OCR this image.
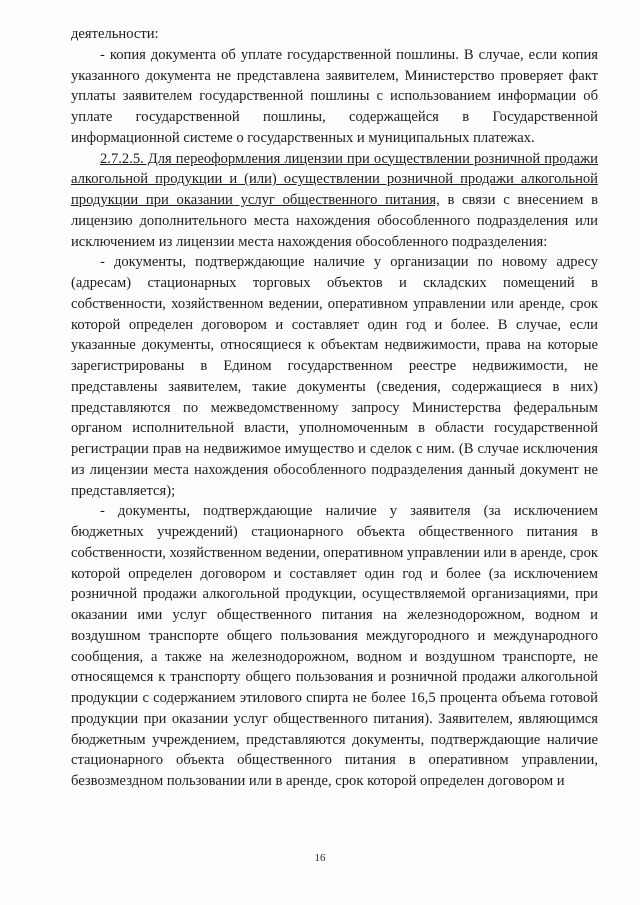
деятельности:

- копия документа об уплате государственной пошлины. В случае, если копия указанного документа не представлена заявителем, Министерство проверяет факт уплаты заявителем государственной пошлины с использованием информации об уплате государственной пошлины, содержащейся в Государственной информационной системе о государственных и муниципальных платежах.

2.7.2.5. Для переоформления лицензии при осуществлении розничной продажи алкогольной продукции и (или) осуществлении розничной продажи алкогольной продукции при оказании услуг общественного питания, в связи с внесением в лицензию дополнительного места нахождения обособленного подразделения или исключением из лицензии места нахождения обособленного подразделения:

- документы, подтверждающие наличие у организации по новому адресу (адресам) стационарных торговых объектов и складских помещений в собственности, хозяйственном ведении, оперативном управлении или аренде, срок которой определен договором и составляет один год и более. В случае, если указанные документы, относящиеся к объектам недвижимости, права на которые зарегистрированы в Едином государственном реестре недвижимости, не представлены заявителем, такие документы (сведения, содержащиеся в них) представляются по межведомственному запросу Министерства федеральным органом исполнительной власти, уполномоченным в области государственной регистрации прав на недвижимое имущество и сделок с ним. (В случае исключения из лицензии места нахождения обособленного подразделения данный документ не представляется);

- документы, подтверждающие наличие у заявителя (за исключением бюджетных учреждений) стационарного объекта общественного питания в собственности, хозяйственном ведении, оперативном управлении или в аренде, срок которой определен договором и составляет один год и более (за исключением розничной продажи алкогольной продукции, осуществляемой организациями, при оказании ими услуг общественного питания на железнодорожном, водном и воздушном транспорте общего пользования междугородного и международного сообщения, а также на железнодорожном, водном и воздушном транспорте, не относящемся к транспорту общего пользования и розничной продажи алкогольной продукции с содержанием этилового спирта не более 16,5 процента объема готовой продукции при оказании услуг общественного питания). Заявителем, являющимся бюджетным учреждением, представляются документы, подтверждающие наличие стационарного объекта общественного питания в оперативном управлении, безвозмездном пользовании или в аренде, срок которой определен договором и

16
